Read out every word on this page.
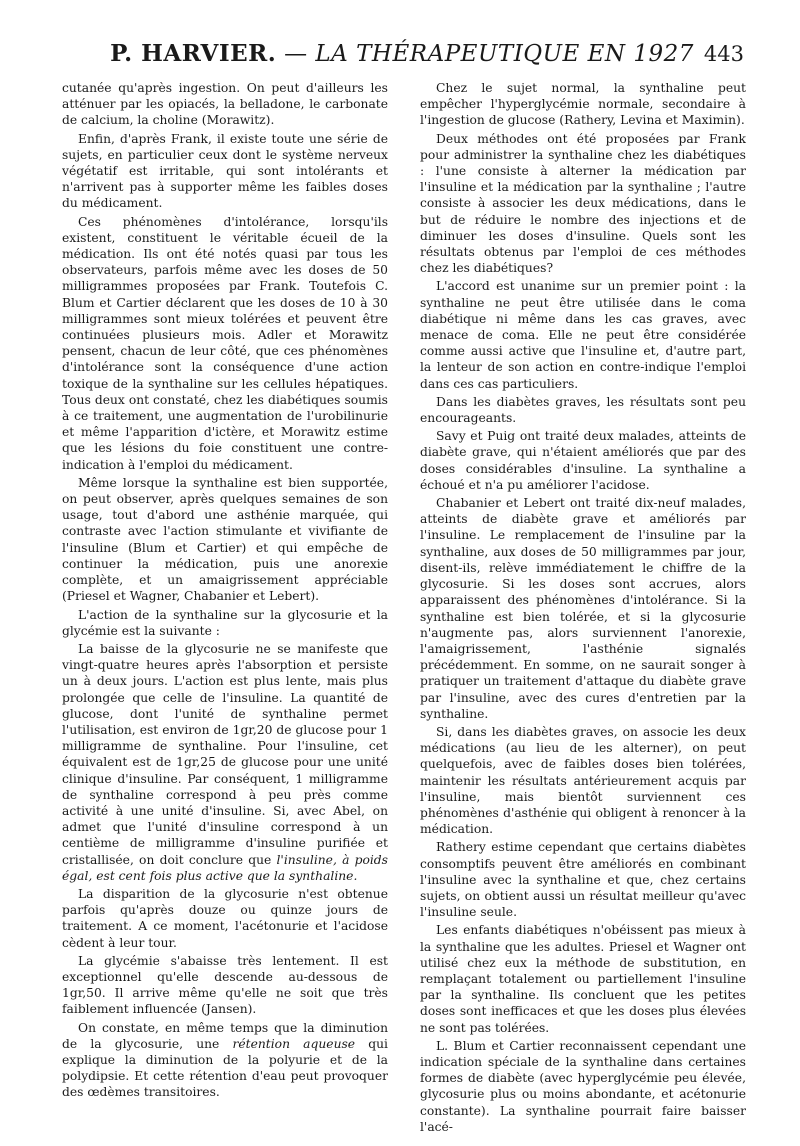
P. HARVIER. — LA THÉRAPEUTIQUE EN 1927 443

cutanée qu'après ingestion. On peut d'ailleurs les atténuer par les opiacés, la belladone, le carbonate de calcium, la choline (Morawitz).

Enfin, d'après Frank, il existe toute une série de sujets, en particulier ceux dont le système nerveux végétatif est irritable, qui sont intolérants et n'arrivent pas à supporter même les faibles doses du médicament.

Ces phénomènes d'intolérance, lorsqu'ils existent, constituent le véritable écueil de la médication. Ils ont été notés quasi par tous les observateurs, parfois même avec les doses de 50 milligrammes proposées par Frank. Toutefois C. Blum et Cartier déclarent que les doses de 10 à 30 milligrammes sont mieux tolérées et peuvent être continuées plusieurs mois. Adler et Morawitz pensent, chacun de leur côté, que ces phénomènes d'intolérance sont la conséquence d'une action toxique de la synthaline sur les cellules hépatiques. Tous deux ont constaté, chez les diabétiques soumis à ce traitement, une augmentation de l'urobilinurie et même l'apparition d'ictère, et Morawitz estime que les lésions du foie constituent une contre-indication à l'emploi du médicament.

Même lorsque la synthaline est bien supportée, on peut observer, après quelques semaines de son usage, tout d'abord une asthénie marquée, qui contraste avec l'action stimulante et vivifiante de l'insuline (Blum et Cartier) et qui empêche de continuer la médication, puis une anorexie complète, et un amaigrissement appréciable (Priesel et Wagner, Chabanier et Lebert).

L'action de la synthaline sur la glycosurie et la glycémie est la suivante :

La baisse de la glycosurie ne se manifeste que vingt-quatre heures après l'absorption et persiste un à deux jours. L'action est plus lente, mais plus prolongée que celle de l'insuline. La quantité de glucose, dont l'unité de synthaline permet l'utilisation, est environ de 1gr,20 de glucose pour 1 milligramme de synthaline. Pour l'insuline, cet équivalent est de 1gr,25 de glucose pour une unité clinique d'insuline. Par conséquent, 1 milligramme de synthaline correspond à peu près comme activité à une unité d'insuline. Si, avec Abel, on admet que l'unité d'insuline correspond à un centième de milligramme d'insuline purifiée et cristallisée, on doit conclure que l'insuline, à poids égal, est cent fois plus active que la synthaline.

La disparition de la glycosurie n'est obtenue parfois qu'après douze ou quinze jours de traitement. A ce moment, l'acétonurie et l'acidose cèdent à leur tour.

La glycémie s'abaisse très lentement. Il est exceptionnel qu'elle descende au-dessous de 1gr,50. Il arrive même qu'elle ne soit que très faiblement influencée (Jansen).

On constate, en même temps que la diminution de la glycosurie, une rétention aqueuse qui explique la diminution de la polyurie et de la polydipsie. Et cette rétention d'eau peut provoquer des œdèmes transitoires.

Chez le sujet normal, la synthaline peut empêcher l'hyperglycémie normale, secondaire à l'ingestion de glucose (Rathery, Levina et Maximin).

Deux méthodes ont été proposées par Frank pour administrer la synthaline chez les diabétiques : l'une consiste à alterner la médication par l'insuline et la médication par la synthaline ; l'autre consiste à associer les deux médications, dans le but de réduire le nombre des injections et de diminuer les doses d'insuline. Quels sont les résultats obtenus par l'emploi de ces méthodes chez les diabétiques?

L'accord est unanime sur un premier point : la synthaline ne peut être utilisée dans le coma diabétique ni même dans les cas graves, avec menace de coma. Elle ne peut être considérée comme aussi active que l'insuline et, d'autre part, la lenteur de son action en contre-indique l'emploi dans ces cas particuliers.

Dans les diabètes graves, les résultats sont peu encourageants.

Savy et Puig ont traité deux malades, atteints de diabète grave, qui n'étaient améliorés que par des doses considérables d'insuline. La synthaline a échoué et n'a pu améliorer l'acidose.

Chabanier et Lebert ont traité dix-neuf malades, atteints de diabète grave et améliorés par l'insuline. Le remplacement de l'insuline par la synthaline, aux doses de 50 milligrammes par jour, disent-ils, relève immédiatement le chiffre de la glycosurie. Si les doses sont accrues, alors apparaissent des phénomènes d'intolérance. Si la synthaline est bien tolérée, et si la glycosurie n'augmente pas, alors surviennent l'anorexie, l'amaigrissement, l'asthénie signalés précédemment. En somme, on ne saurait songer à pratiquer un traitement d'attaque du diabète grave par l'insuline, avec des cures d'entretien par la synthaline.

Si, dans les diabètes graves, on associe les deux médications (au lieu de les alterner), on peut quelquefois, avec de faibles doses bien tolérées, maintenir les résultats antérieurement acquis par l'insuline, mais bientôt surviennent ces phénomènes d'asthénie qui obligent à renoncer à la médication.

Rathery estime cependant que certains diabètes consomptifs peuvent être améliorés en combinant l'insuline avec la synthaline et que, chez certains sujets, on obtient aussi un résultat meilleur qu'avec l'insuline seule.

Les enfants diabétiques n'obéissent pas mieux à la synthaline que les adultes. Priesel et Wagner ont utilisé chez eux la méthode de substitution, en remplaçant totalement ou partiellement l'insuline par la synthaline. Ils concluent que les petites doses sont inefficaces et que les doses plus élevées ne sont pas tolérées.

L. Blum et Cartier reconnaissent cependant une indication spéciale de la synthaline dans certaines formes de diabète (avec hyperglycémie peu élevée, glycosurie plus ou moins abondante, et acétonurie constante). La synthaline pourrait faire baisser l'acé-
